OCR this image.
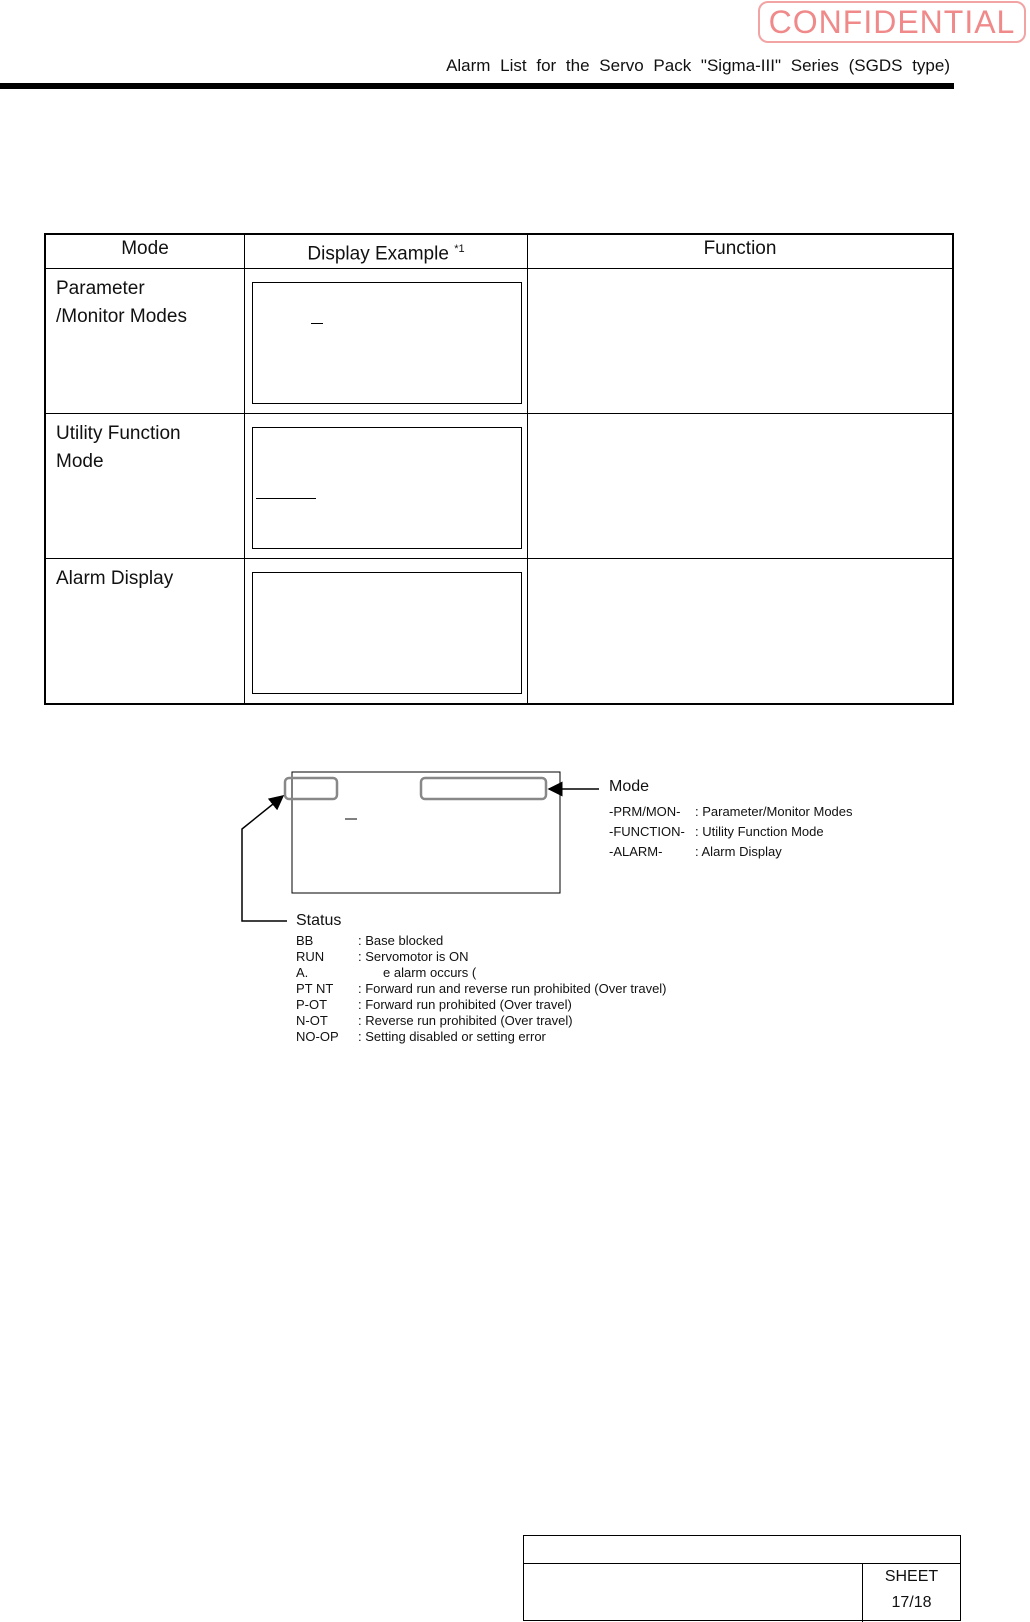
CONFIDENTIAL
Alarm List for the Servo Pack "Sigma-III" Series (SGDS type)
Mode	Display Example $^{*1}$	Function

Parameter
/Monitor Modes		

Utility Function
Mode		

Alarm Display		

Mode
-PRM/MON- : Parameter/Monitor Modes
-FUNCTION- : Utility Function Mode
-ALARM-	: Alarm Display
Status
BB	: Base blocked
RUN	: Servomotor is ON
A.	e alarm occurs (
PT NT : Forward run and reverse run prohibited (Over travel)
P-OT : Forward run prohibited (Over travel)
N-OT : Reverse run prohibited (Over travel)
NO-OP : Setting disabled or setting error
SHEET
17/18
